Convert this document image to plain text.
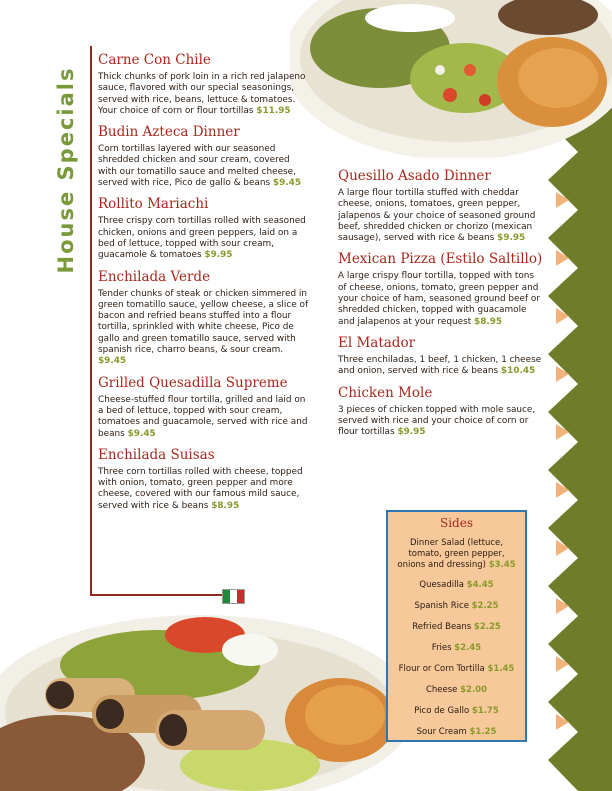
House Specials
Carne Con Chile
Thick chunks of pork loin in a rich red jalapeno sauce, flavored with our special seasonings, served with rice, beans, lettuce & tomatoes. Your choice of corn or flour tortillas $11.95
Budin Azteca Dinner
Corn tortillas layered with our seasoned shredded chicken and sour cream, covered with our tomatillo sauce and melted cheese, served with rice, Pico de gallo & beans $9.45
Rollito Mariachi
Three crispy corn tortillas rolled with seasoned chicken, onions and green peppers, laid on a bed of lettuce, topped with sour cream, guacamole & tomatoes $9.95
Enchilada Verde
Tender chunks of steak or chicken simmered in green tomatillo sauce, yellow cheese, a slice of bacon and refried beans stuffed into a flour tortilla, sprinkled with white cheese, Pico de gallo and green tomatillo sauce, served with spanish rice, charro beans, & sour cream. $9.45
Grilled Quesadilla Supreme
Cheese-stuffed flour tortilla, grilled and laid on a bed of lettuce, topped with sour cream, tomatoes and guacamole, served with rice and beans $9.45
Enchilada Suisas
Three corn tortillas rolled with cheese, topped with onion, tomato, green pepper and more cheese, covered with our famous mild sauce, served with rice & beans $8.95
Quesillo Asado Dinner
A large flour tortilla stuffed with cheddar cheese, onions, tomatoes, green pepper, jalapenos & your choice of seasoned ground beef, shredded chicken or chorizo (mexican sausage), served with rice & beans $9.95
Mexican Pizza (Estilo Saltillo)
A large crispy flour tortilla, topped with tons of cheese, onions, tomato, green pepper and your choice of ham, seasoned ground beef or shredded chicken, topped with guacamole and jalapenos at your request $8.95
El Matador
Three enchiladas, 1 beef, 1 chicken, 1 cheese and onion, served with rice & beans $10.45
Chicken Mole
3 pieces of chicken topped with mole sauce, served with rice and your choice of corn or flour tortillas $9.95
Sides
Dinner Salad (lettuce, tomato, green pepper, onions and dressing) $3.45
Quesadilla $4.45
Spanish Rice $2.25
Refried Beans $2.25
Fries $2.45
Flour or Corn Tortilla $1.45
Cheese $2.00
Pico de Gallo $1.75
Sour Cream $1.25
